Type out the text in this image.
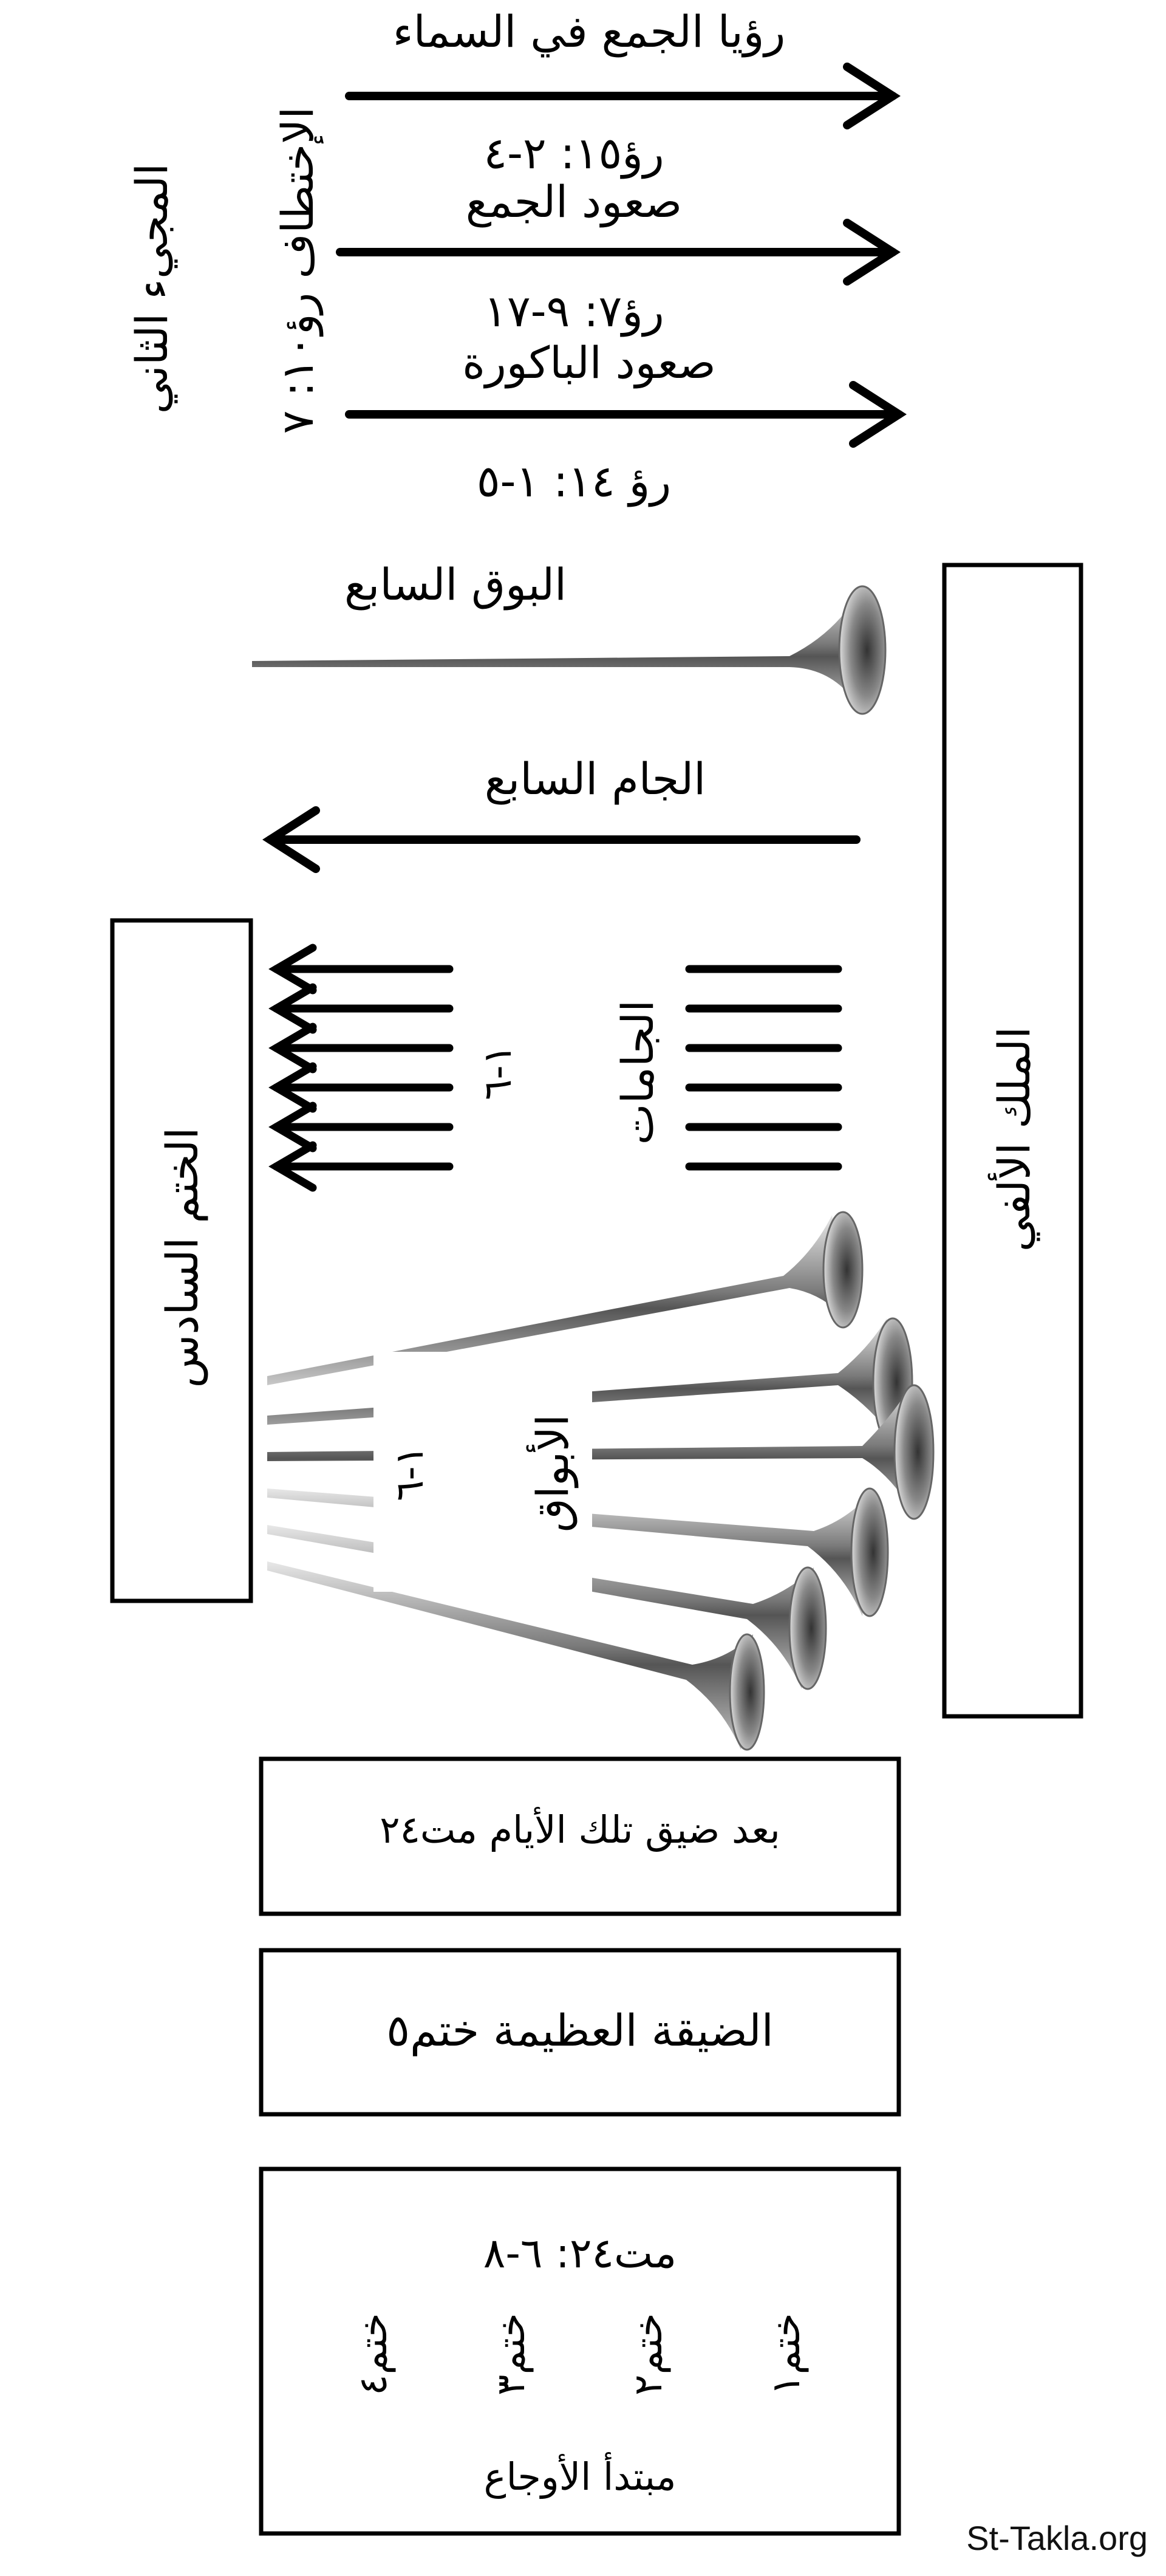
المجيء الثاني
الإختطاف رؤ١٠: ٧
رؤيا الجمع في السماء
رؤ١٥: ٢-٤
صعود الجمع
رؤ٧: ٩-١٧
صعود الباكورة
رؤ ١٤: ١-٥
البوق السابع
الجام السابع
الملك الألفي
الختم السادس
الجامات
١-٦
الأبواق
١-٦
بعد ضيق تلك الأيام مت٢٤
الضيقة العظيمة ختم٥
مت٢٤: ٦-٨
ختم٤
ختم٣
ختم٢
ختم١
مبتدأ الأوجاع
St-Takla.org
